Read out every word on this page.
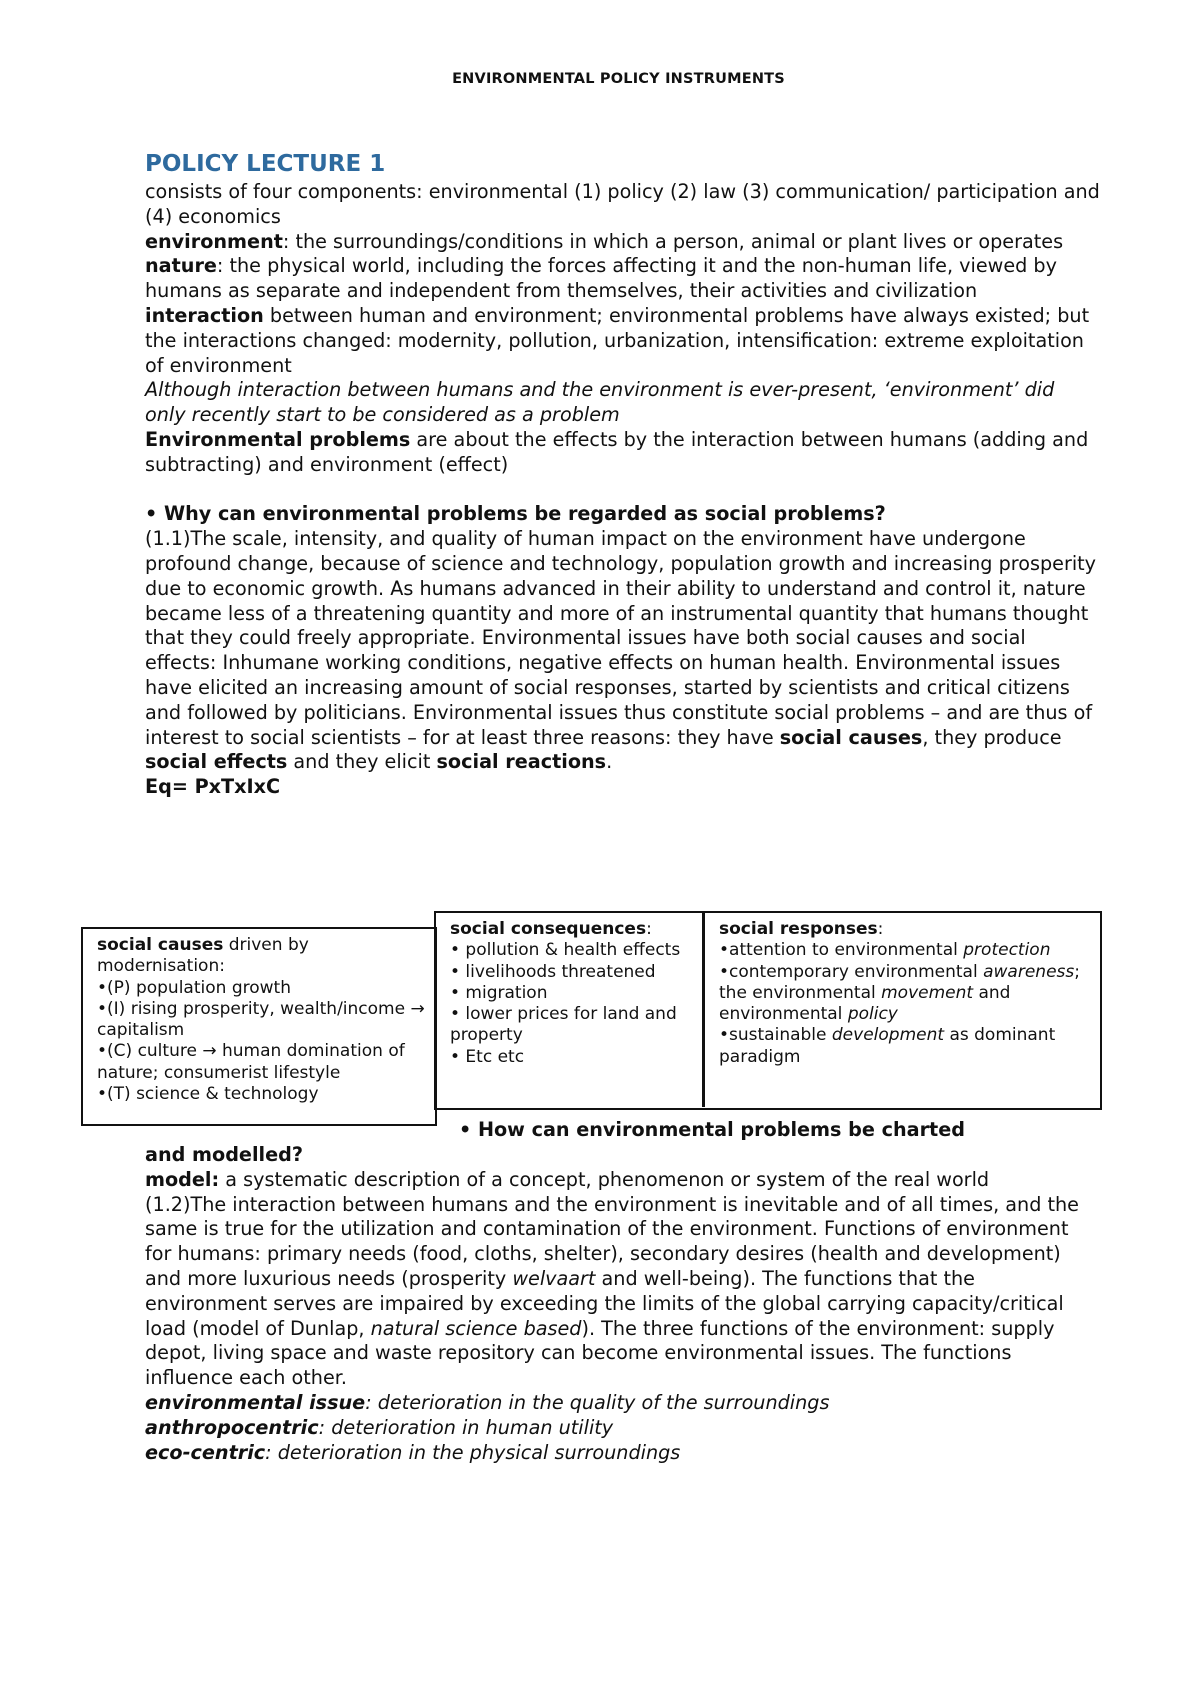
ENVIRONMENTAL POLICY INSTRUMENTS
POLICY LECTURE 1

consists of four components: environmental (1) policy (2) law (3) communication/ participation and (4) economics

environment: the surroundings/conditions in which a person, animal or plant lives or operates

nature: the physical world, including the forces affecting it and the non-human life, viewed by humans as separate and independent from themselves, their activities and civilization

interaction between human and environment; environmental problems have always existed; but the interactions changed: modernity, pollution, urbanization, intensification: extreme exploitation of environment

Although interaction between humans and the environment is ever-present, ‘environment’ did only recently start to be considered as a problem

Environmental problems are about the effects by the interaction between humans (adding and subtracting) and environment (effect)

• Why can environmental problems be regarded as social problems?

(1.1)The scale, intensity, and quality of human impact on the environment have undergone profound change, because of science and technology, population growth and increasing prosperity due to economic growth. As humans advanced in their ability to understand and control it, nature became less of a threatening quantity and more of an instrumental quantity that humans thought that they could freely appropriate. Environmental issues have both social causes and social effects: Inhumane working conditions, negative effects on human health. Environmental issues have elicited an increasing amount of social responses, started by scientists and critical citizens and followed by politicians. Environmental issues thus constitute social problems – and are thus of interest to social scientists – for at least three reasons: they have social causes, they produce social effects and they elicit social reactions.

Eq= PxTxIxC

social causes driven by modernisation:

•(P) population growth

•(I) rising prosperity, wealth/income → capitalism

•(C) culture → human domination of nature; consumerist lifestyle

•(T) science & technology

social consequences:

• pollution & health effects

• livelihoods threatened

• migration

• lower prices for land and property

• Etc etc

social responses:

•attention to environmental protection

•contemporary environmental awareness; the environmental movement and environmental policy

•sustainable development as dominant paradigm

• How can environmental problems be charted

and modelled?

model: a systematic description of a concept, phenomenon or system of the real world

(1.2)The interaction between humans and the environment is inevitable and of all times, and the same is true for the utilization and contamination of the environment. Functions of environment for humans: primary needs (food, cloths, shelter), secondary desires (health and development) and more luxurious needs (prosperity welvaart and well-being). The functions that the environment serves are impaired by exceeding the limits of the global carrying capacity/critical load (model of Dunlap, natural science based). The three functions of the environment: supply depot, living space and waste repository can become environmental issues. The functions influence each other.

environmental issue: deterioration in the quality of the surroundings

anthropocentric: deterioration in human utility

eco-centric: deterioration in the physical surroundings
